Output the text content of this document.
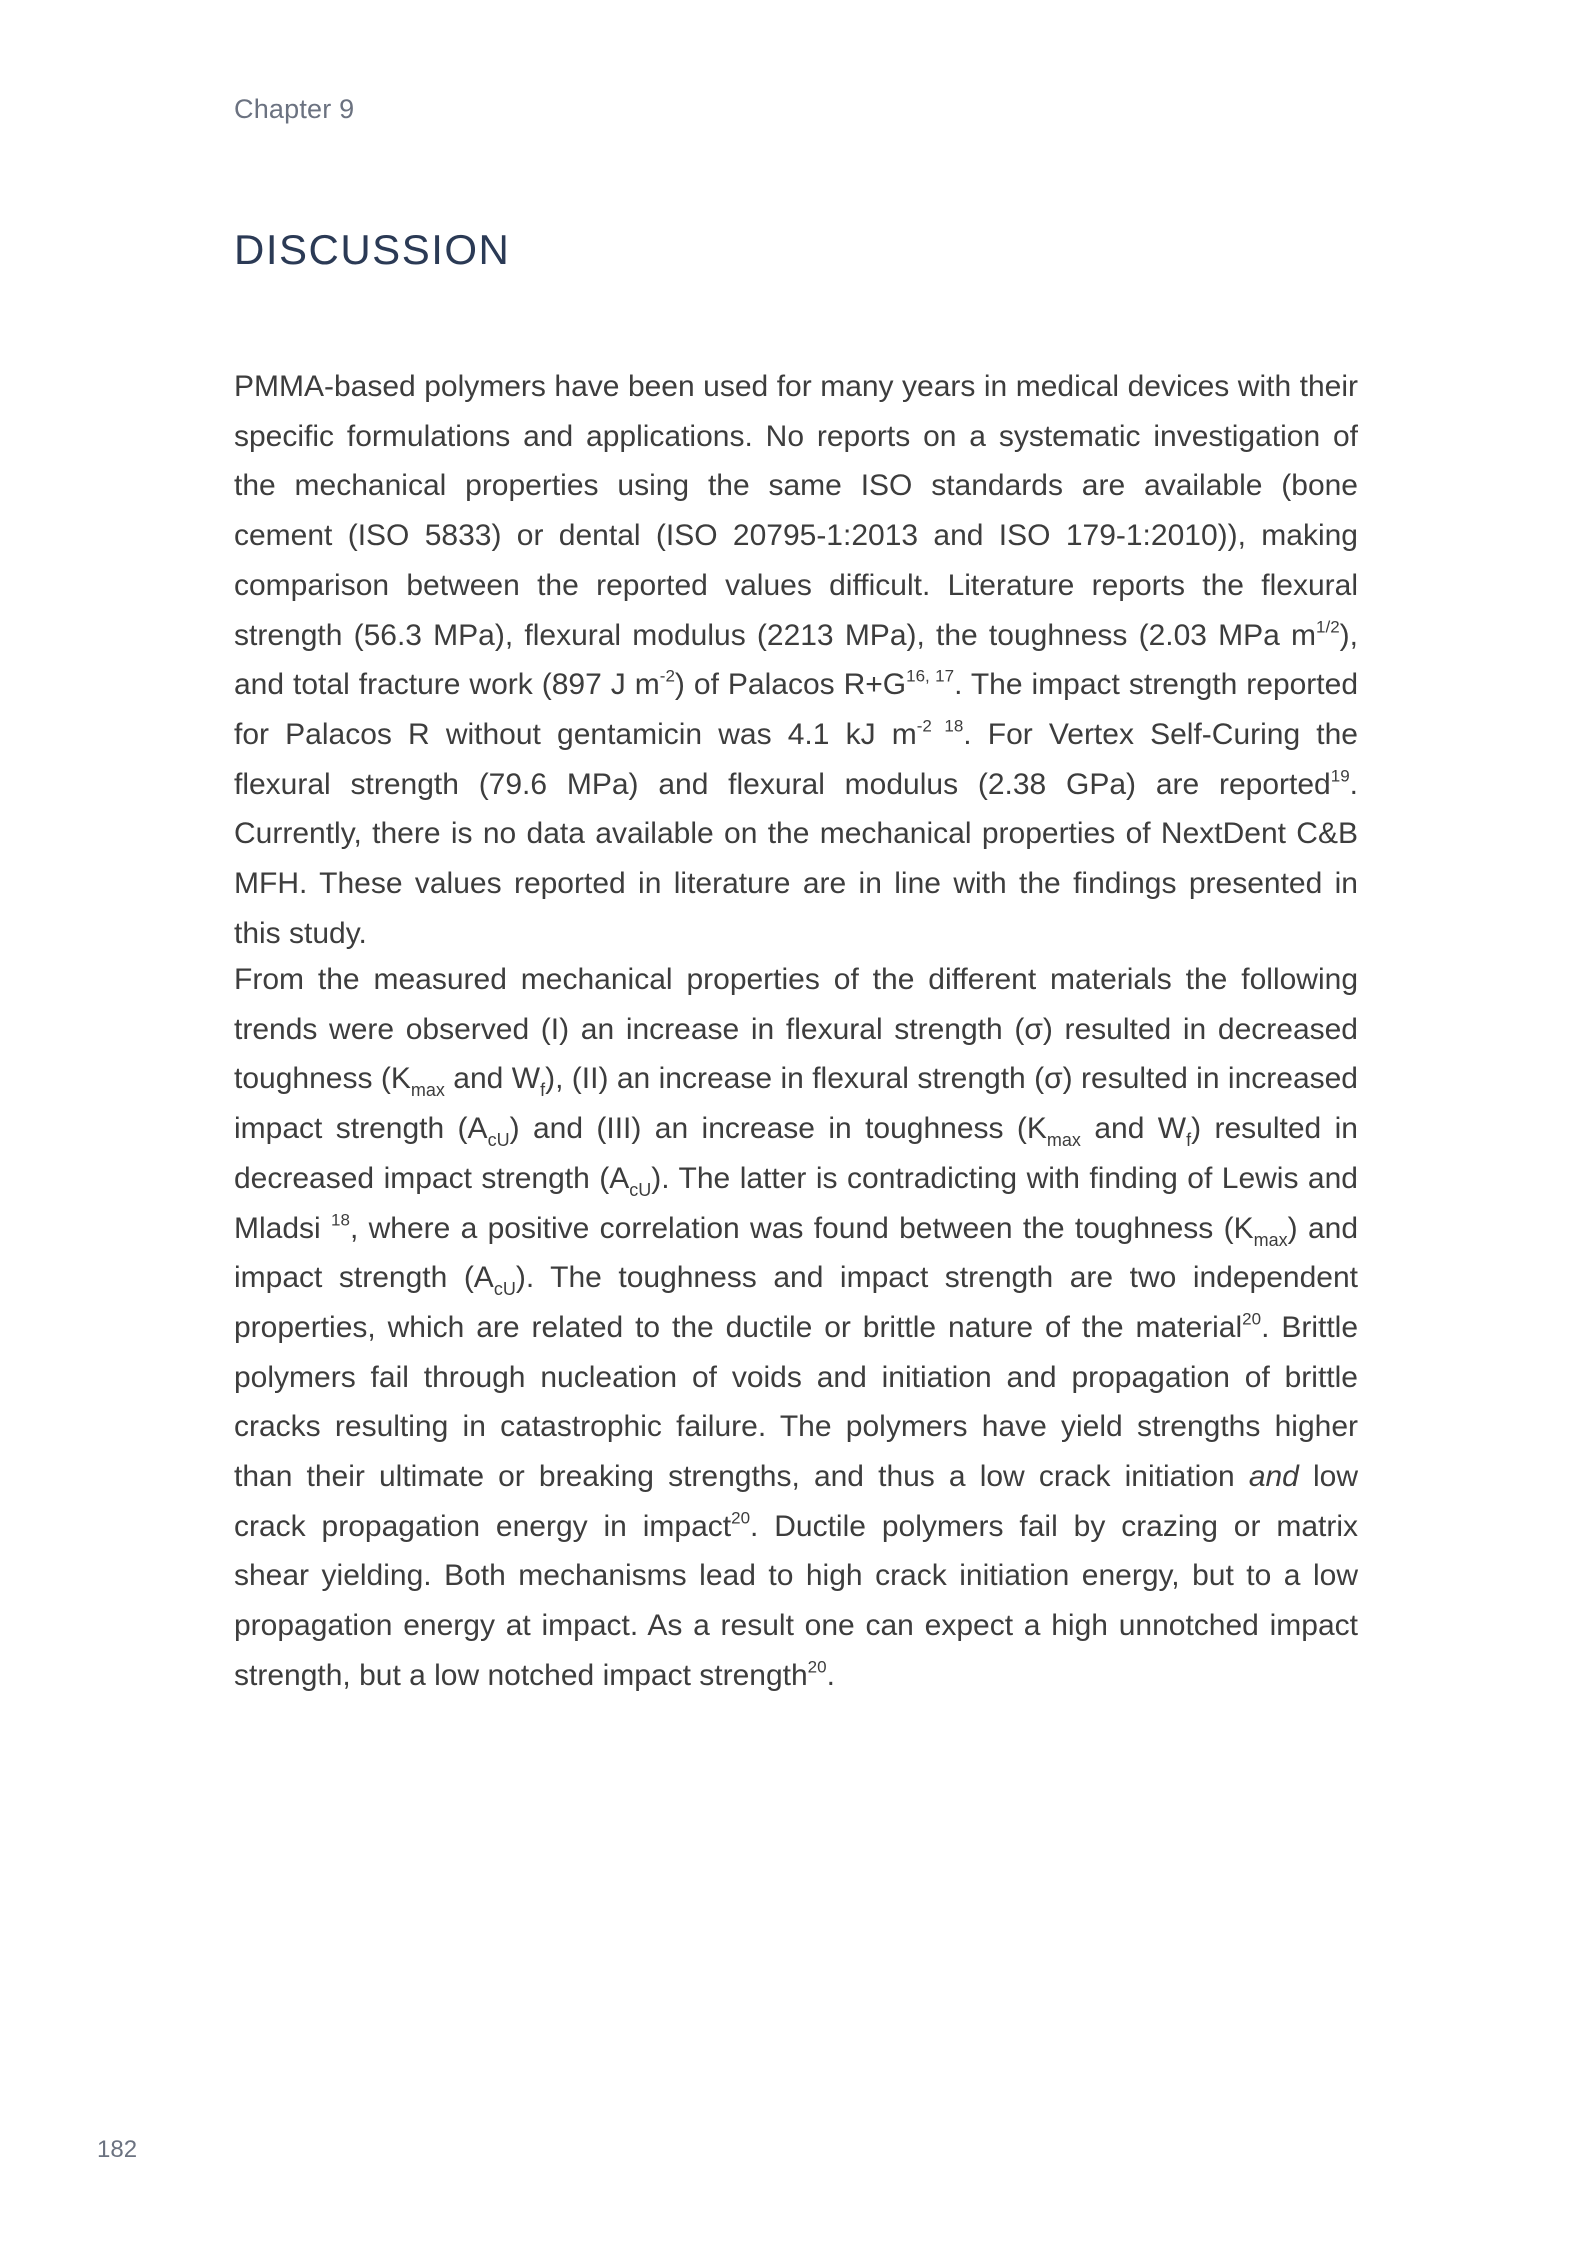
Chapter 9
DISCUSSION

PMMA-based polymers have been used for many years in medical devices with their specific formulations and applications. No reports on a systematic investigation of the mechanical properties using the same ISO standards are available (bone cement (ISO 5833) or dental (ISO 20795-1:2013 and ISO 179-1:2010)), making comparison between the reported values difficult. Literature reports the flexural strength (56.3 MPa), flexural modulus (2213 MPa), the toughness (2.03 MPa $m^{1/2}$), and total fracture work (897 J $m^{-2}$) of Palacos $R+G^{16, 17}$. The impact strength reported for Palacos R without gentamicin was 4.1 kJ $m^{-2 18}$. For Vertex Self-Curing the flexural strength (79.6 MPa) and flexural modulus (2.38 GPa) are reported$^{19}$. Currently, there is no data available on the mechanical properties of NextDent C&B MFH. These values reported in literature are in line with the findings presented in this study.

From the measured mechanical properties of the different materials the following trends were observed (I) an increase in flexural strength (σ) resulted in decreased toughness ($K_{max}$ and $W_f$), (II) an increase in flexural strength (σ) resulted in increased impact strength $(A_{cU})$ and (III) an increase in toughness ($K_{max}$ and $W_f$) resulted in decreased impact strength $(A_{cU})$. The latter is contradicting with finding of Lewis and Mladsi $^{18}$, where a positive correlation was found between the toughness $(K_{max})$ and impact strength $(A_{cU})$. The toughness and impact strength are two independent properties, which are related to the ductile or brittle nature of the material$^{20}$. Brittle polymers fail through nucleation of voids and initiation and propagation of brittle cracks resulting in catastrophic failure. The polymers have yield strengths higher than their ultimate or breaking strengths, and thus a low crack initiation and low crack propagation energy in impact$^{20}$. Ductile polymers fail by crazing or matrix shear yielding. Both mechanisms lead to high crack initiation energy, but to a low propagation energy at impact. As a result one can expect a high unnotched impact strength, but a low notched impact strength$^{20}$.

182
